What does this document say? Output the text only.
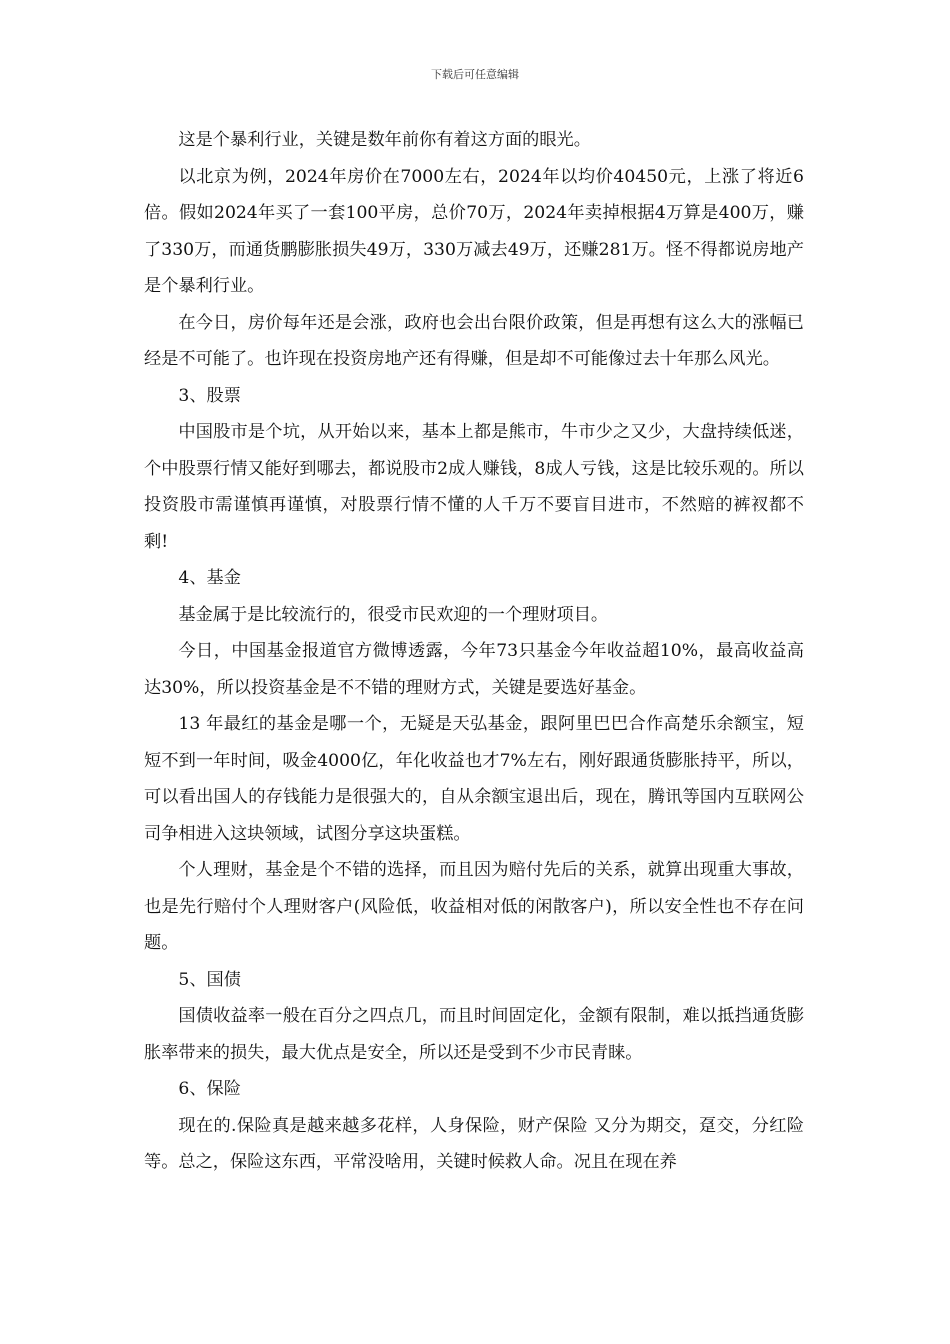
下载后可任意编辑

这是个暴利行业，关键是数年前你有着这方面的眼光。

以北京为例，2024年房价在7000左右，2024年以均价40450元，上涨了将近6倍。假如2024年买了一套100平房，总价70万，2024年卖掉根据4万算是400万，赚了330万，而通货鹏膨胀损失49万，330万减去49万，还赚281万。怪不得都说房地产是个暴利行业。

在今日，房价每年还是会涨，政府也会出台限价政策，但是再想有这么大的涨幅已经是不可能了。也许现在投资房地产还有得赚，但是却不可能像过去十年那么风光。

3、股票

中国股市是个坑，从开始以来，基本上都是熊市，牛市少之又少，大盘持续低迷，个中股票行情又能好到哪去，都说股市2成人赚钱，8成人亏钱，这是比较乐观的。所以投资股市需谨慎再谨慎，对股票行情不懂的人千万不要盲目进市，不然赔的裤衩都不剩!

4、基金

基金属于是比较流行的，很受市民欢迎的一个理财项目。

今日，中国基金报道官方微博透露，今年73只基金今年收益超10%，最高收益高达30%，所以投资基金是不不错的理财方式，关键是要选好基金。

13 年最红的基金是哪一个，无疑是天弘基金，跟阿里巴巴合作高楚乐余额宝，短短不到一年时间，吸金4000亿，年化收益也才7%左右，刚好跟通货膨胀持平，所以，可以看出国人的存钱能力是很强大的，自从余额宝退出后，现在，腾讯等国内互联网公司争相进入这块领域，试图分享这块蛋糕。

个人理财，基金是个不错的选择，而且因为赔付先后的关系，就算出现重大事故，也是先行赔付个人理财客户(风险低，收益相对低的闲散客户)，所以安全性也不存在问题。

5、国债

国债收益率一般在百分之四点几，而且时间固定化，金额有限制，难以抵挡通货膨胀率带来的损失，最大优点是安全，所以还是受到不少市民青睐。

6、保险

现在的.保险真是越来越多花样，人身保险，财产保险 又分为期交，趸交，分红险等。总之，保险这东西，平常没啥用，关键时候救人命。况且在现在养
